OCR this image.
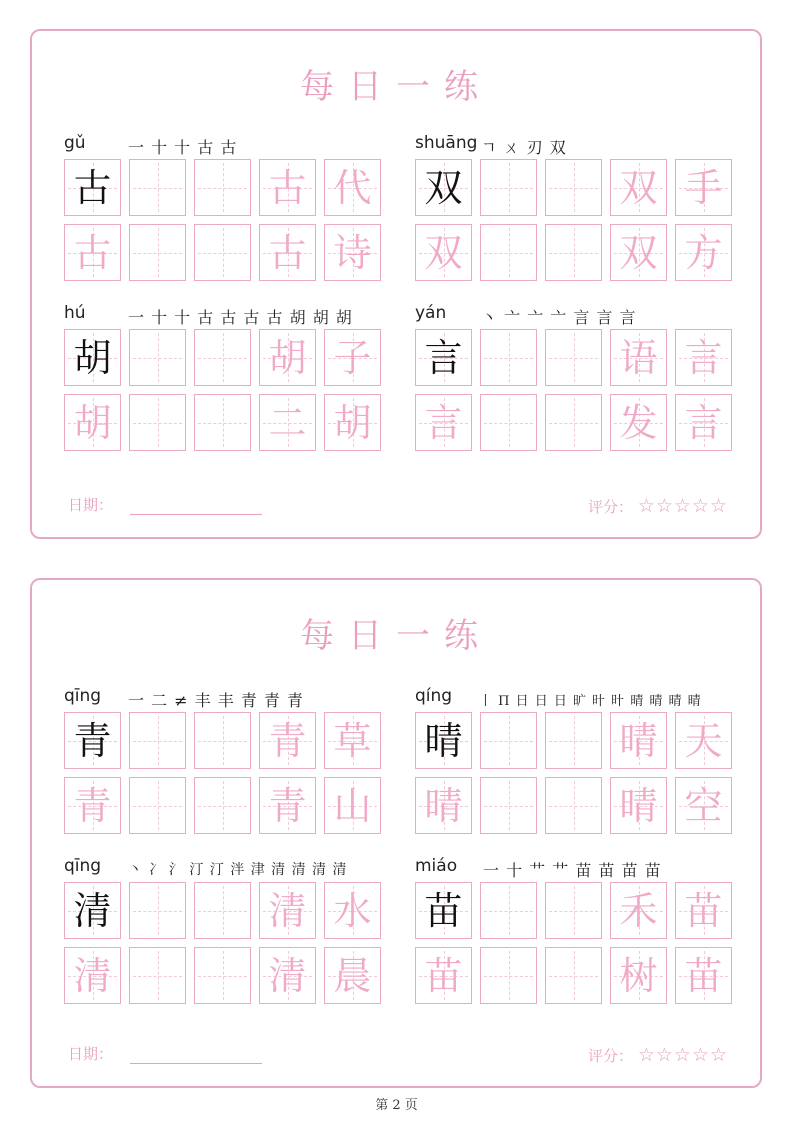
每日一练
gǔ	一 十 十 古 古
古	古 代
古	古 诗
shuāng ㄱ ㄨ 刃 双
双	双 手
双	双 方
hú	一 十 十 古 古 古 古 胡 胡 胡
胡	胡 子
胡	二 胡
yán 丶 亠 亠 亠 言 言 言
言	语 言
言	发 言
日期：	评分： ☆☆☆☆☆
每日一练
qīng 一 二 ≠ 丰 丰 青 青 青
青	青 草
青	青 山
qíng 丨 П 日 日 日 旷 旪 旪 晴 晴 晴 晴
晴	晴 天
晴	晴 空
qīng 丶 冫 氵 汀 汀 泮 津 清 清 清 清
清	清 水
清	清 晨
miáo 一 十 艹 艹 苗 苗 苗 苗
苗	禾 苗
苗	树 苗
日期：	评分： ☆☆☆☆☆
第 2 页
